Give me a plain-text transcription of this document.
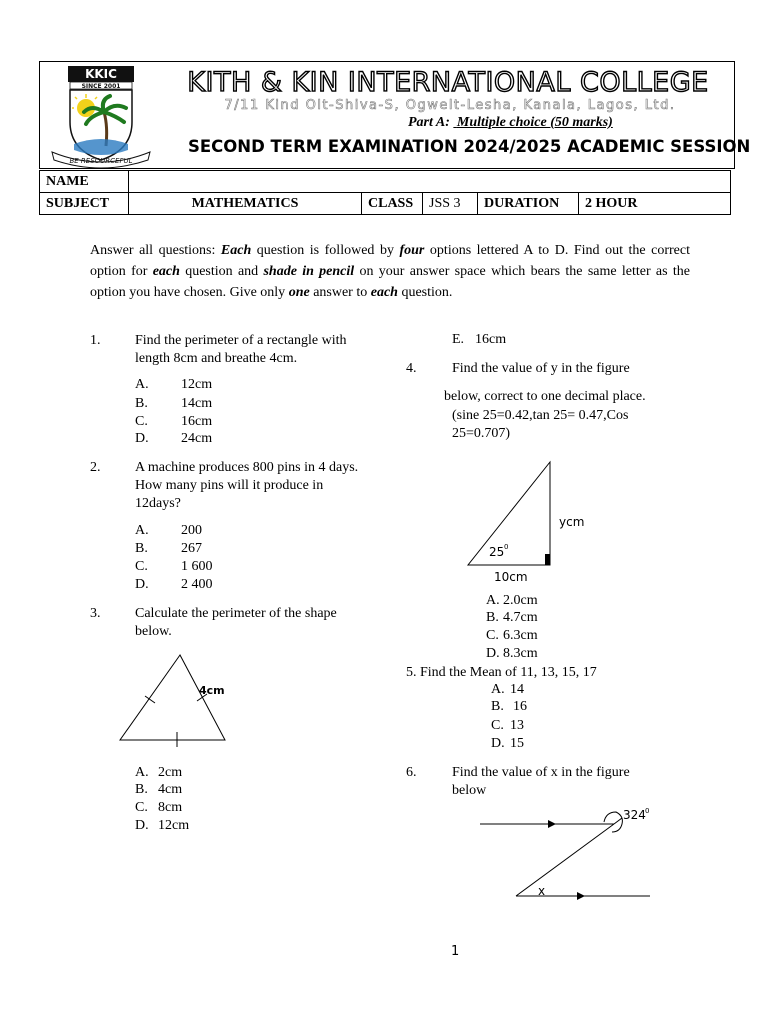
KKIC
SINCE 2001
BE RESOURCEFUL
KITH & KIN INTERNATIONAL COLLEGE
7/11 Kind Olt-Shiva-S, Ogwelt-Lesha, Kanala, Lagos, Ltd.
Part A: Multiple choice (50 marks)
SECOND TERM EXAMINATION 2024/2025 ACADEMIC SESSION
NAME					
SUBJECT	MATHEMATICS	CLASS	JSS 3	DURATION	2 HOUR
Answer all questions: Each question is followed by four options lettered A to D. Find out the correct option for each question and shade in pencil on your answer space which bears the same letter as the option you have chosen. Give only one answer to each question.
1. Find the perimeter of a rectangle with length 8cm and breathe 4cm.
A. 12cm
B. 14cm
C. 16cm
D. 24cm
2. A machine produces 800 pins in 4 days. How many pins will it produce in 12days?
A. 200
B. 267
C. 1 600
D. 2 400
3. Calculate the perimeter of the shape below.
4cm
A. 2cm
B. 4cm
C. 8cm
D. 12cm
E. 16cm
4.	Find the value of y in the figure
below, correct to one decimal place.
(sine 25=0.42,tan 25= 0.47,Cos
25=0.707)
ycm
25 0
10cm
A. 2.0cm
B. 4.7cm
C. 6.3cm
D. 8.3cm
5. Find the Mean of 11, 13, 15, 17
A. 14
B. 16
C. 13
D. 15
6.	Find the value of x in the figure below
324 0
x
1
